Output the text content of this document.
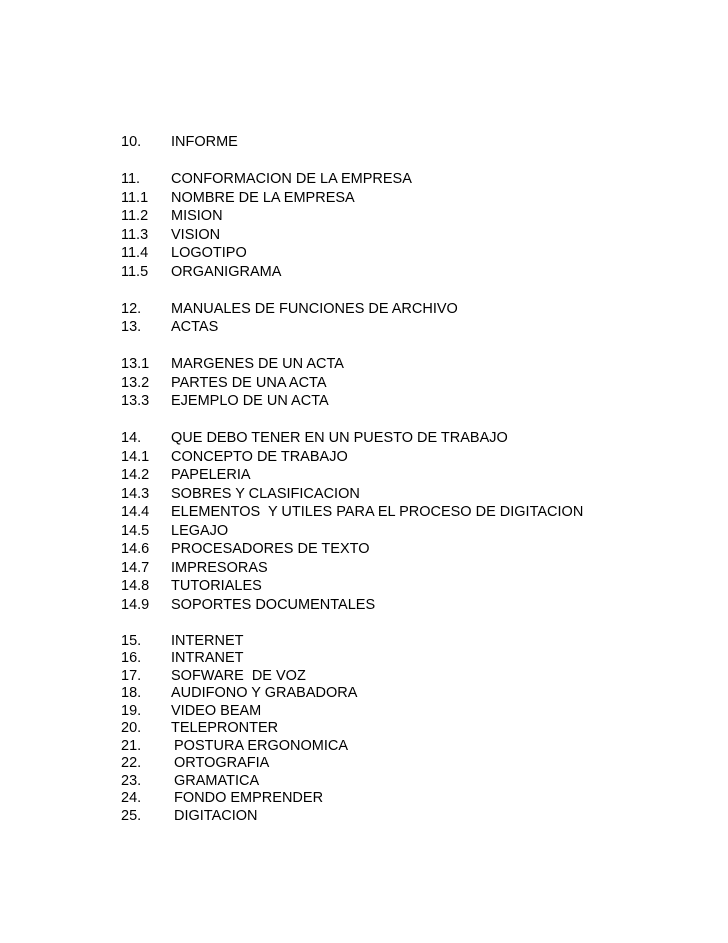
10.	INFORME
11.	CONFORMACION DE LA EMPRESA
11.1	NOMBRE DE LA EMPRESA
11.2	MISION
11.3	VISION
11.4	LOGOTIPO
11.5	ORGANIGRAMA
12.	MANUALES DE FUNCIONES DE ARCHIVO
13.	ACTAS
13.1	MARGENES DE UN ACTA
13.2	PARTES DE UNA ACTA
13.3	EJEMPLO DE UN ACTA
14.	QUE DEBO TENER EN UN PUESTO DE TRABAJO
14.1	CONCEPTO DE TRABAJO
14.2	PAPELERIA
14.3	SOBRES Y CLASIFICACION
14.4	ELEMENTOS  Y UTILES PARA EL PROCESO DE DIGITACION
14.5	LEGAJO
14.6	PROCESADORES DE TEXTO
14.7	IMPRESORAS
14.8	TUTORIALES
14.9	SOPORTES DOCUMENTALES
15.	INTERNET
16.	INTRANET
17.	SOFWARE  DE VOZ
18.	AUDIFONO Y GRABADORA
19.	VIDEO BEAM
20.	TELEPRONTER
21.	POSTURA ERGONOMICA
22.	ORTOGRAFIA
23.	GRAMATICA
24.	FONDO EMPRENDER
25.	DIGITACION
